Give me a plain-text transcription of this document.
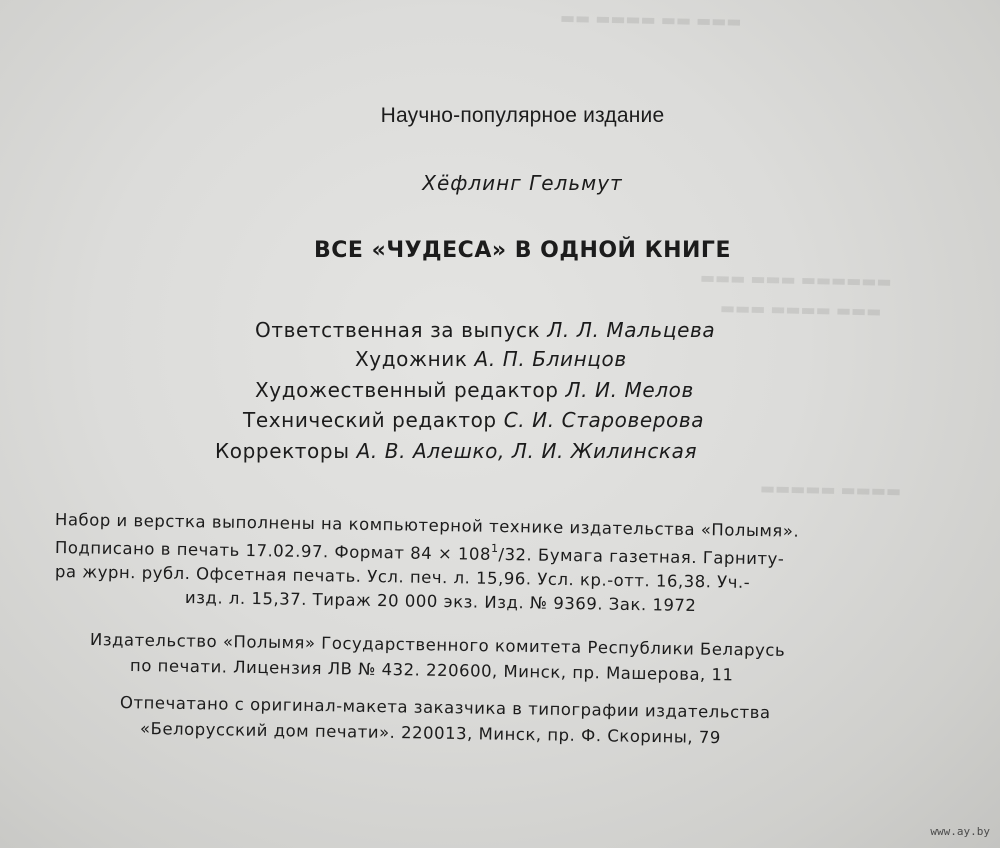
▬▬▬ ▬▬ ▬▬▬▬ ▬▬
▬▬▬▬▬▬ ▬▬▬ ▬▬▬
▬▬▬ ▬▬▬▬ ▬▬▬
▬▬▬▬ ▬▬▬▬▬
Научно-популярное издание
Хёфлинг Гельмут
ВСЕ «ЧУДЕСА» В ОДНОЙ КНИГЕ
Ответственная за выпуск Л. Л. Мальцева
Художник А. П. Блинцов
Художественный редактор Л. И. Мелов
Технический редактор С. И. Староверова
Корректоры А. В. Алешко, Л. И. Жилинская
Набор и верстка выполнены на компьютерной технике издательства «Полымя».
Подписано в печать 17.02.97. Формат $84 \times 108^1/32$. Бумага газетная. Гарниту-
ра журн. рубл. Офсетная печать. Усл. печ. л. 15,96. Усл. кр.-отт. 16,38. Уч.-
изд. л. 15,37. Тираж 20 000 экз. Изд. № 9369. Зак. 1972
Издательство «Полымя» Государственного комитета Республики Беларусь
по печати. Лицензия ЛВ № 432. 220600, Минск, пр. Машерова, 11
Отпечатано с оригинал-макета заказчика в типографии издательства
«Белорусский дом печати». 220013, Минск, пр. Ф. Скорины, 79
www.ay.by
